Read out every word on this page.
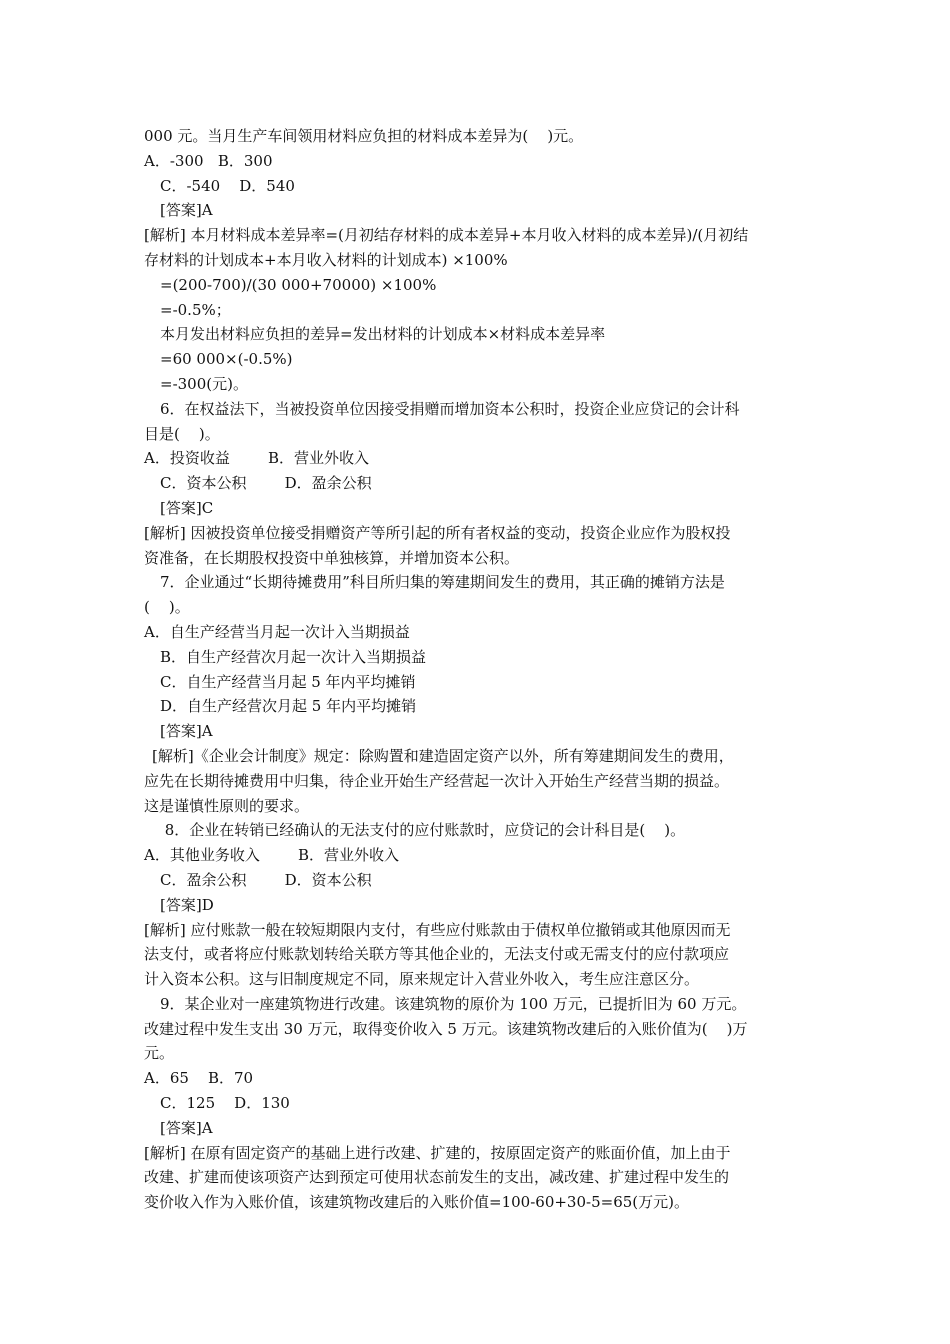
000 元。当月生产车间领用材料应负担的材料成本差异为(    )元。
A．-300   B．300
C．-540    D．540
[答案]A
[解析] 本月材料成本差异率=(月初结存材料的成本差异+本月收入材料的成本差异)/(月初结
存材料的计划成本+本月收入材料的计划成本) ×100%
=(200-700)/(30 000+70000) ×100%
=-0.5%；
本月发出材料应负担的差异=发出材料的计划成本×材料成本差异率
=60 000×(-0.5%)
=-300(元)。
6．在权益法下，当被投资单位因接受捐赠而增加资本公积时，投资企业应贷记的会计科
目是(    )。
A．投资收益        B．营业外收入
C．资本公积        D．盈余公积
[答案]C
[解析] 因被投资单位接受捐赠资产等所引起的所有者权益的变动，投资企业应作为股权投
资准备，在长期股权投资中单独核算，并增加资本公积。
7．企业通过“长期待摊费用”科目所归集的筹建期间发生的费用，其正确的摊销方法是
(    )。
A．自生产经营当月起一次计入当期损益
B．自生产经营次月起一次计入当期损益
C．自生产经营当月起 5 年内平均摊销
D．自生产经营次月起 5 年内平均摊销
[答案]A
[解析]《企业会计制度》规定：除购置和建造固定资产以外，所有筹建期间发生的费用，
应先在长期待摊费用中归集，待企业开始生产经营起一次计入开始生产经营当期的损益。
这是谨慎性原则的要求。
8．企业在转销已经确认的无法支付的应付账款时，应贷记的会计科目是(    )。
A．其他业务收入        B．营业外收入
C．盈余公积        D．资本公积
[答案]D
[解析] 应付账款一般在较短期限内支付，有些应付账款由于债权单位撤销或其他原因而无
法支付，或者将应付账款划转给关联方等其他企业的，无法支付或无需支付的应付款项应
计入资本公积。这与旧制度规定不同，原来规定计入营业外收入，考生应注意区分。
9．某企业对一座建筑物进行改建。该建筑物的原价为 100 万元，已提折旧为 60 万元。
改建过程中发生支出 30 万元，取得变价收入 5 万元。该建筑物改建后的入账价值为(    )万
元。
A．65    B．70
C．125    D．130
[答案]A
[解析] 在原有固定资产的基础上进行改建、扩建的，按原固定资产的账面价值，加上由于
改建、扩建而使该项资产达到预定可使用状态前发生的支出，减改建、扩建过程中发生的
变价收入作为入账价值，该建筑物改建后的入账价值=100-60+30-5=65(万元)。
